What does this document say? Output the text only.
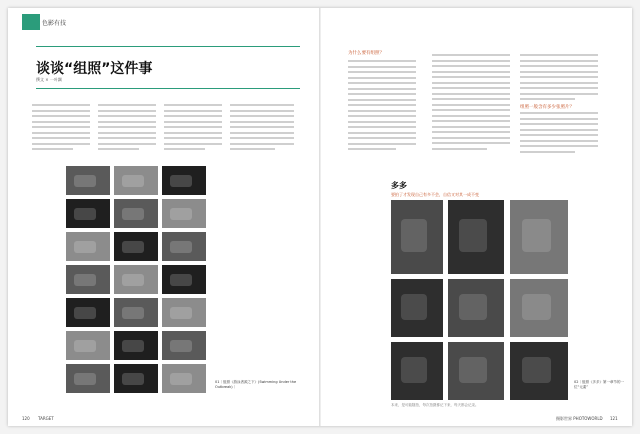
色影有技
谈谈“组照”这件事
撰文 × 一叶飘
01｜组照《游泳者源之下》(Swimming Under the Outbreak)｜
120 TARGET
为什么要有组照？
组照一般含有多少张照片？
多多
要拍了才发现自己有多不会，自信又对其一成不变
本来，是可能随拍，每次拍摄都记下来，每天都会记录。
02｜组照《多多》第一章节的一位“元素”
摄影世界 PHOTOWORLD 121
